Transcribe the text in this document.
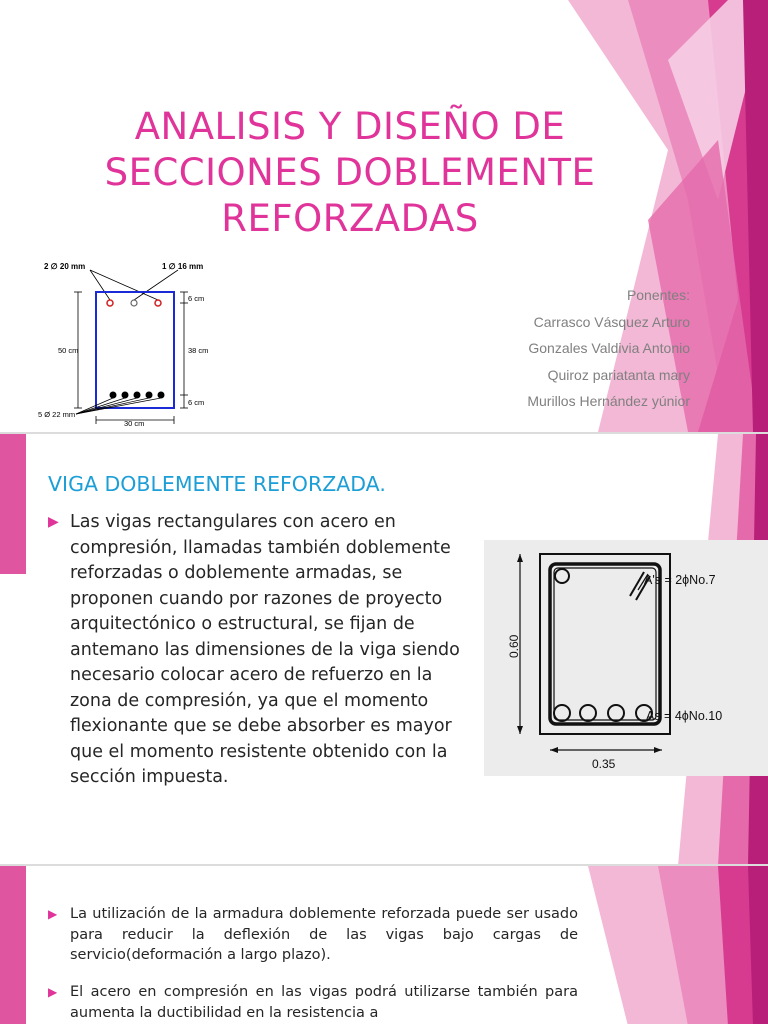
ANALISIS Y DISEÑO DE
SECCIONES DOBLEMENTE
REFORZADAS
2 ∅ 20 mm	1 ∅ 16 mm
50 cm
6 cm
38 cm
6 cm
5 Ø 22 mm
30 cm
Ponentes:
Carrasco Vásquez Arturo
Gonzales Valdivia Antonio
Quiroz pariatanta mary
Murillos Hernández yúnior
VIGA DOBLEMENTE REFORZADA.
▶ Las vigas rectangulares con acero en compresión, llamadas también doblemente reforzadas o doblemente armadas, se proponen cuando por razones de proyecto arquitectónico o estructural, se fijan de antemano las dimensiones de la viga siendo necesario colocar acero de refuerzo en la zona de compresión, ya que el momento flexionante que se debe absorber es mayor que el momento resistente obtenido con la sección impuesta.
0.60
0.35
A's = 2ϕNo.7
As = 4ϕNo.10
▶ La utilización de la armadura doblemente reforzada puede ser usado para reducir la deflexión de las vigas bajo cargas de servicio(deformación a largo plazo).
▶ El acero en compresión en las vigas podrá utilizarse también para aumenta la ductibilidad en la resistencia a
